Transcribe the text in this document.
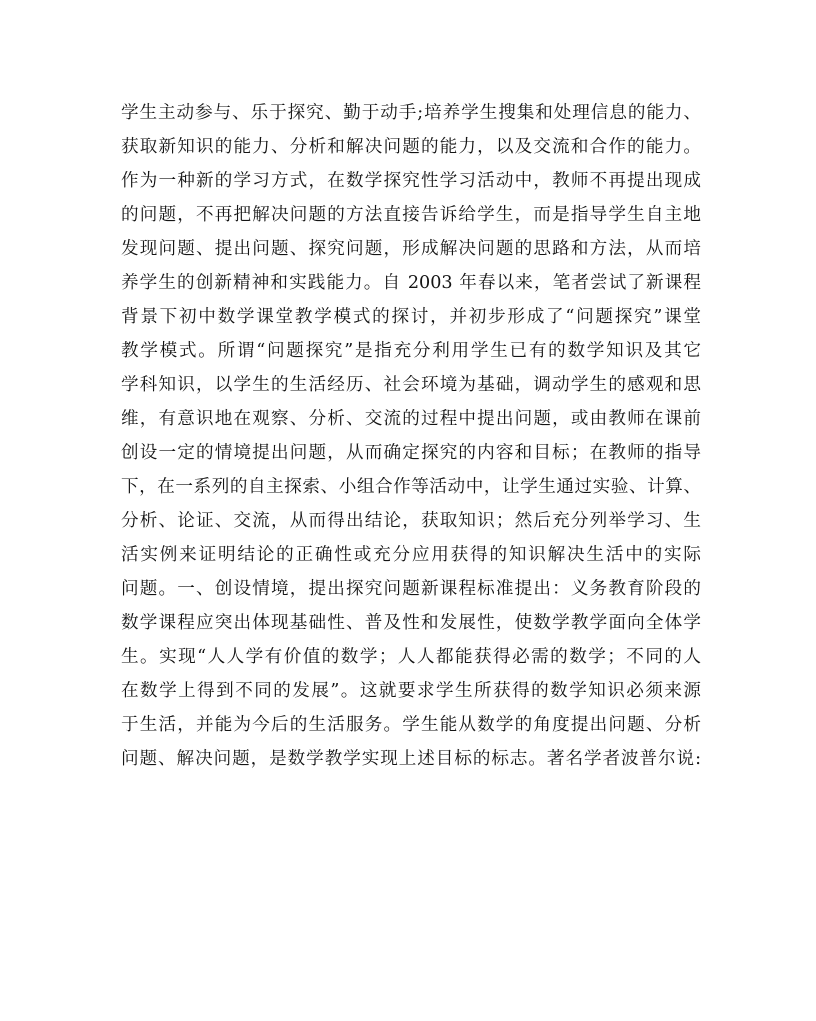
学生主动参与、乐于探究、勤于动手;培养学生搜集和处理信息的能力、
获取新知识的能力、分析和解决问题的能力，以及交流和合作的能力。
作为一种新的学习方式，在数学探究性学习活动中，教师不再提出现成
的问题，不再把解决问题的方法直接告诉给学生，而是指导学生自主地
发现问题、提出问题、探究问题，形成解决问题的思路和方法，从而培
养学生的创新精神和实践能力。自 2003 年春以来，笔者尝试了新课程
背景下初中数学课堂教学模式的探讨，并初步形成了“问题探究”课堂
教学模式。所谓“问题探究”是指充分利用学生已有的数学知识及其它
学科知识，以学生的生活经历、社会环境为基础，调动学生的感观和思
维，有意识地在观察、分析、交流的过程中提出问题，或由教师在课前
创设一定的情境提出问题，从而确定探究的内容和目标；在教师的指导
下，在一系列的自主探索、小组合作等活动中，让学生通过实验、计算、
分析、论证、交流，从而得出结论，获取知识；然后充分列举学习、生
活实例来证明结论的正确性或充分应用获得的知识解决生活中的实际
问题。一、创设情境，提出探究问题新课程标准提出：义务教育阶段的
数学课程应突出体现基础性、普及性和发展性，使数学教学面向全体学
生。实现“人人学有价值的数学；人人都能获得必需的数学；不同的人
在数学上得到不同的发展”。这就要求学生所获得的数学知识必须来源
于生活，并能为今后的生活服务。学生能从数学的角度提出问题、分析
问题、解决问题，是数学教学实现上述目标的标志。著名学者波普尔说:
